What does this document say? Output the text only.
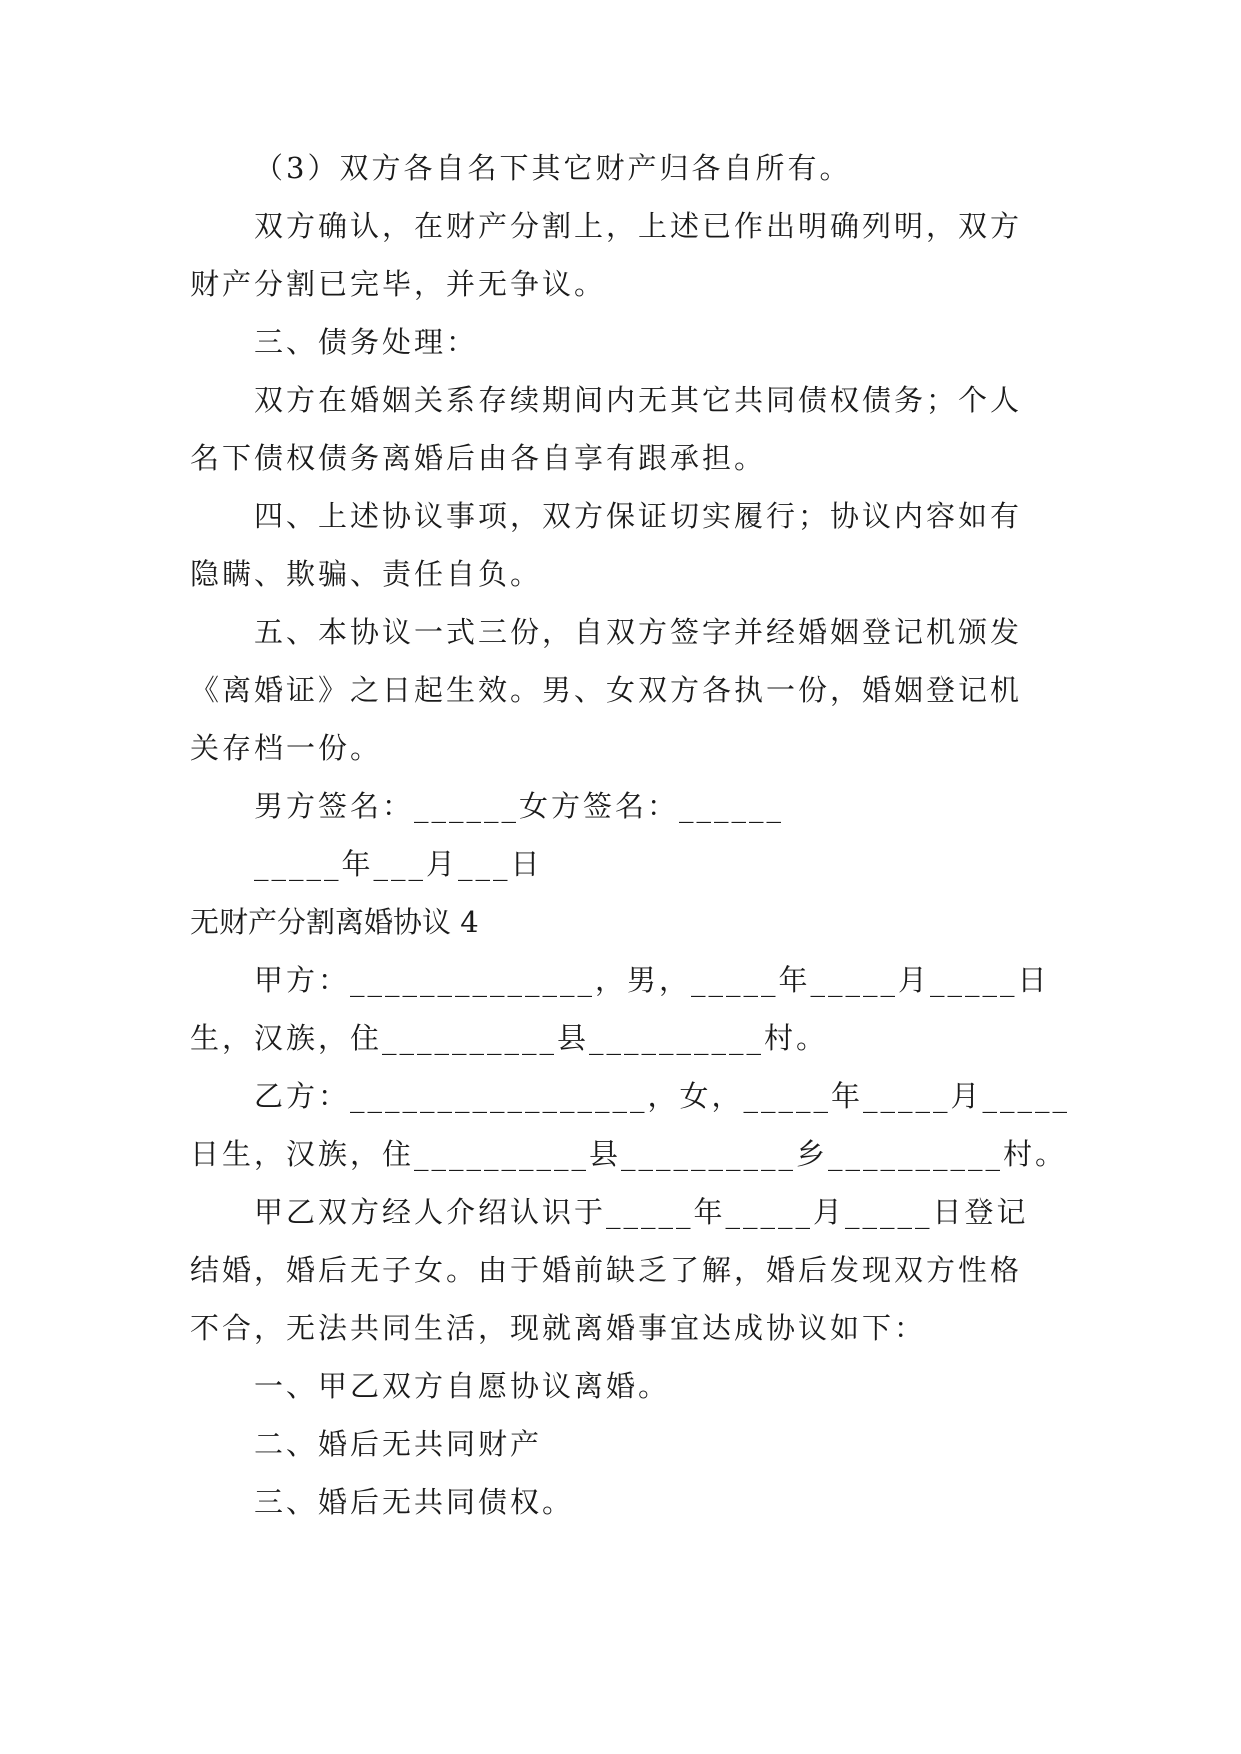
（3）双方各自名下其它财产归各自所有。
双方确认，在财产分割上，上述已作出明确列明，双方
财产分割已完毕，并无争议。
三、债务处理：
双方在婚姻关系存续期间内无其它共同债权债务；个人
名下债权债务离婚后由各自享有跟承担。
四、上述协议事项，双方保证切实履行；协议内容如有
隐瞒、欺骗、责任自负。
五、本协议一式三份，自双方签字并经婚姻登记机颁发
《离婚证》之日起生效。男、女双方各执一份，婚姻登记机
关存档一份。
男方签名：______女方签名：______
_____年___月___日
无财产分割离婚协议 4
甲方：______________，男，_____年_____月_____日
生，汉族，住__________县__________村。
乙方：_________________，女，_____年_____月_____
日生，汉族，住__________县__________乡__________村。
甲乙双方经人介绍认识于_____年_____月_____日登记
结婚，婚后无子女。由于婚前缺乏了解，婚后发现双方性格
不合，无法共同生活，现就离婚事宜达成协议如下：
一、甲乙双方自愿协议离婚。
二、婚后无共同财产
三、婚后无共同债权。
